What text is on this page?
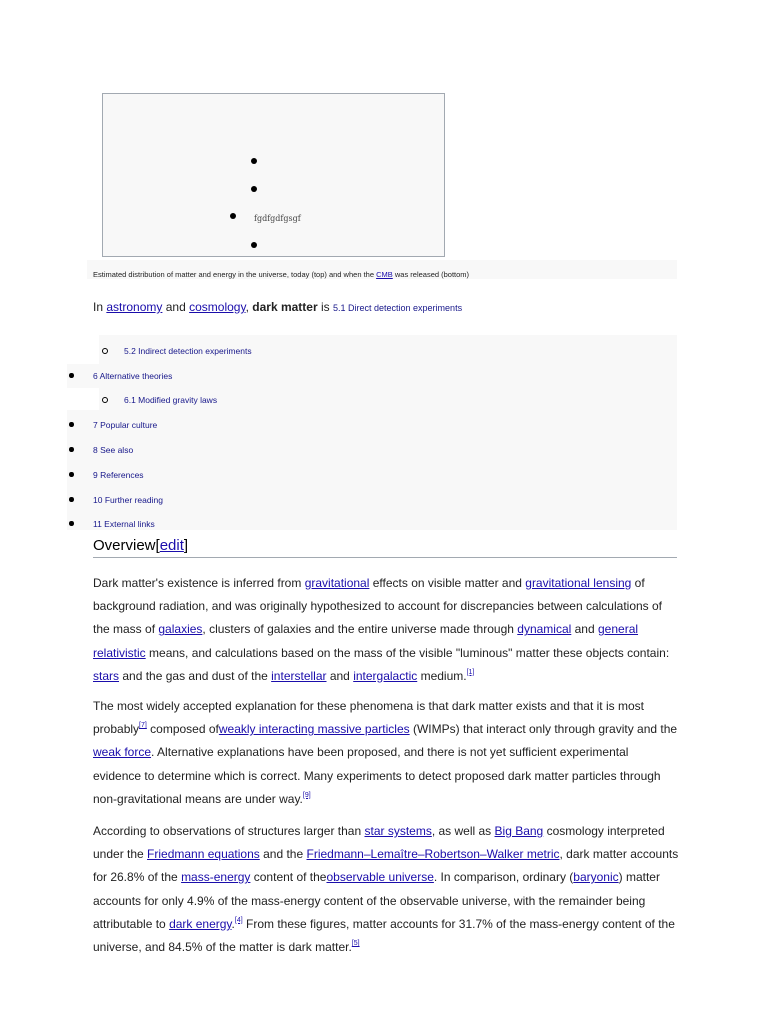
fgdfgdfgsgf
Estimated distribution of matter and energy in the universe, today (top) and when the CMB was released (bottom)
In astronomy and cosmology, dark matter is 5.1 Direct detection experiments
5.2 Indirect detection experiments
6 Alternative theories
6.1 Modified gravity laws
7 Popular culture
8 See also
9 References
10 Further reading
11 External links
Overview[edit]
Dark matter's existence is inferred from gravitational effects on visible matter and gravitational lensing of background radiation, and was originally hypothesized to account for discrepancies between calculations of the mass of galaxies, clusters of galaxies and the entire universe made through dynamical and general relativistic means, and calculations based on the mass of the visible "luminous" matter these objects contain: stars and the gas and dust of the interstellar and intergalactic medium.[1]
The most widely accepted explanation for these phenomena is that dark matter exists and that it is most probably[7] composed ofweakly interacting massive particles (WIMPs) that interact only through gravity and the weak force. Alternative explanations have been proposed, and there is not yet sufficient experimental evidence to determine which is correct. Many experiments to detect proposed dark matter particles through non-gravitational means are under way.[9]
According to observations of structures larger than star systems, as well as Big Bang cosmology interpreted under the Friedmann equations and the Friedmann–Lemaître–Robertson–Walker metric, dark matter accounts for 26.8% of the mass-energy content of theobservable universe. In comparison, ordinary (baryonic) matter accounts for only 4.9% of the mass-energy content of the observable universe, with the remainder being attributable to dark energy.[4] From these figures, matter accounts for 31.7% of the mass-energy content of the universe, and 84.5% of the matter is dark matter.[5]
